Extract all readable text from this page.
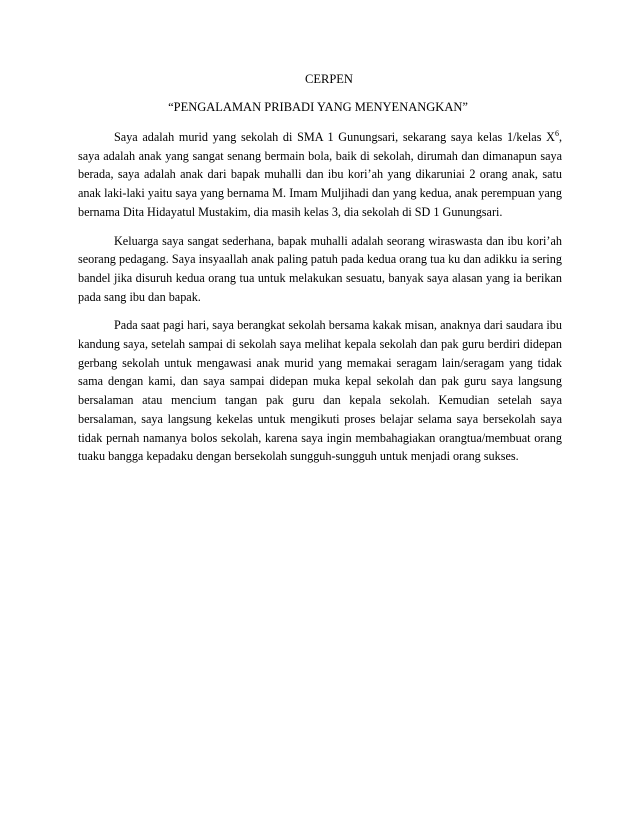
CERPEN
“PENGALAMAN PRIBADI YANG MENYENANGKAN”

Saya adalah murid yang sekolah di SMA 1 Gunungsari, sekarang saya kelas 1/kelas $X^6$, saya adalah anak yang sangat senang bermain bola, baik di sekolah, dirumah dan dimanapun saya berada, saya adalah anak dari bapak muhalli dan ibu kori’ah yang dikaruniai 2 orang anak, satu anak laki-laki yaitu saya yang bernama M. Imam Muljihadi dan yang kedua, anak perempuan yang bernama Dita Hidayatul Mustakim, dia masih kelas 3, dia sekolah di SD 1 Gunungsari.

Keluarga saya sangat sederhana, bapak muhalli adalah seorang wiraswasta dan ibu kori’ah seorang pedagang. Saya insyaallah anak paling patuh pada kedua orang tua ku dan adikku ia sering bandel jika disuruh kedua orang tua untuk melakukan sesuatu, banyak saya alasan yang ia berikan pada sang ibu dan bapak.

Pada saat pagi hari, saya berangkat sekolah bersama kakak misan, anaknya dari saudara ibu kandung saya, setelah sampai di sekolah saya melihat kepala sekolah dan pak guru berdiri didepan gerbang sekolah untuk mengawasi anak murid yang memakai seragam lain/seragam yang tidak sama dengan kami, dan saya sampai didepan muka kepal sekolah dan pak guru saya langsung bersalaman atau mencium tangan pak guru dan kepala sekolah. Kemudian setelah saya bersalaman, saya langsung kekelas untuk mengikuti proses belajar selama saya bersekolah saya tidak pernah namanya bolos sekolah, karena saya ingin membahagiakan orangtua/membuat orang tuaku bangga kepadaku dengan bersekolah sungguh-sungguh untuk menjadi orang sukses.
